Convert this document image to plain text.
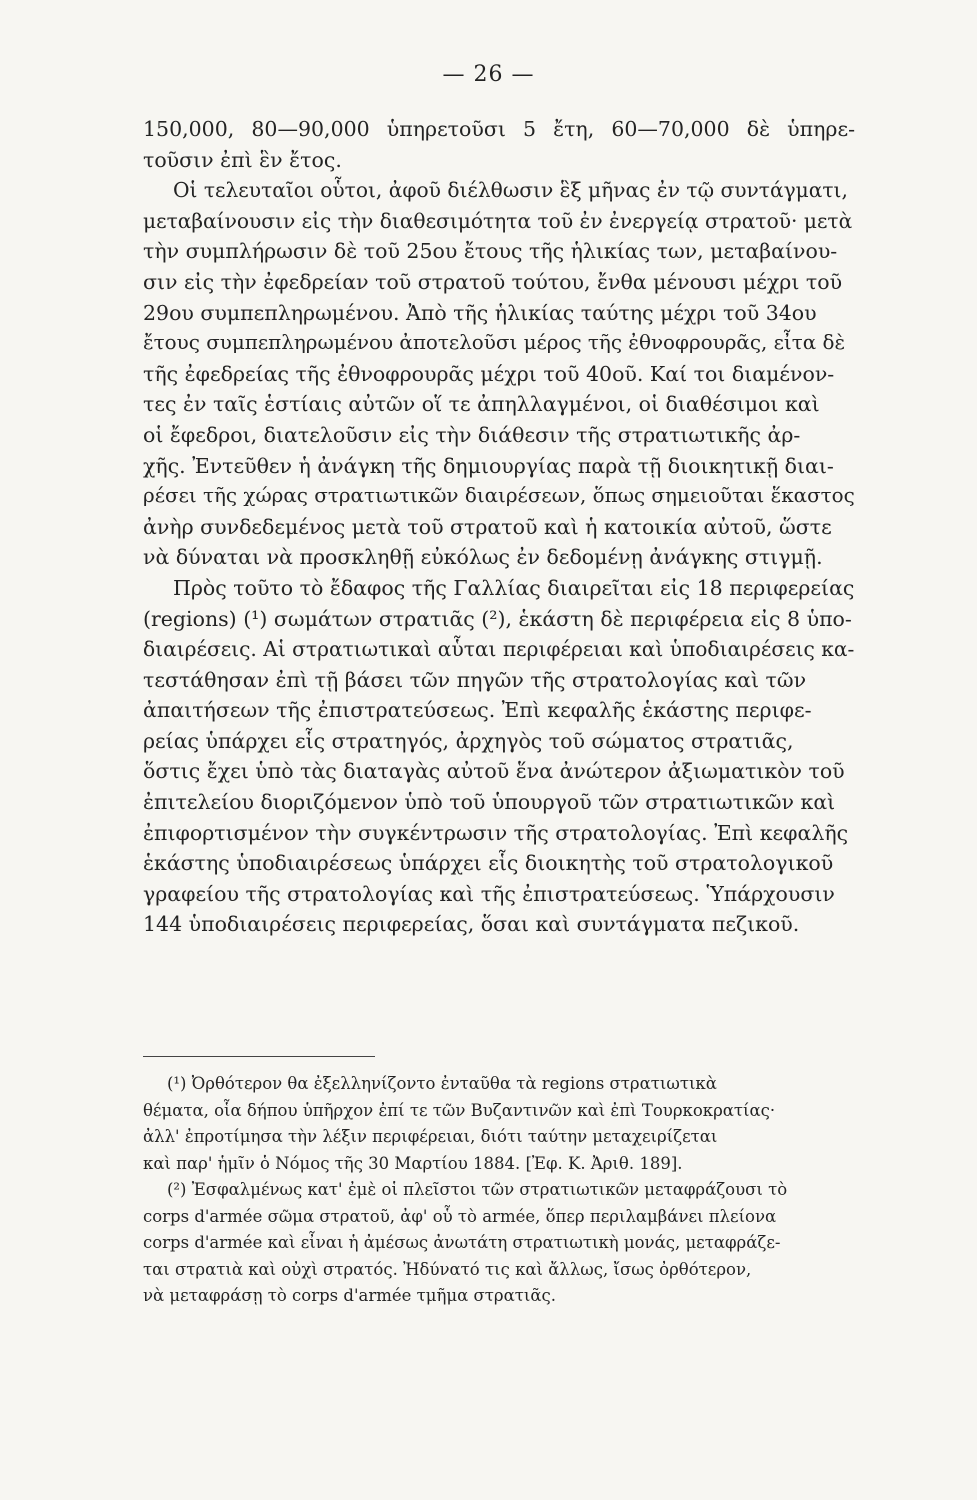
— 26 —
150,000, 80—90,000 ὑπηρετοῦσι 5 ἔτη, 60—70,000 δὲ ὑπηρε-
τοῦσιν ἐπὶ ἓν ἔτος.
Οἱ τελευταῖοι οὗτοι, ἀφοῦ διέλθωσιν ἓξ μῆνας ἐν τῷ συντάγματι,
μεταβαίνουσιν εἰς τὴν διαθεσιμότητα τοῦ ἐν ἐνεργείᾳ στρατοῦ· μετὰ
τὴν συμπλήρωσιν δὲ τοῦ 25ου ἔτους τῆς ἡλικίας των, μεταβαίνου-
σιν εἰς τὴν ἐφεδρείαν τοῦ στρατοῦ τούτου, ἔνθα μένουσι μέχρι τοῦ
29ου συμπεπληρωμένου. Ἀπὸ τῆς ἡλικίας ταύτης μέχρι τοῦ 34ου
ἔτους συμπεπληρωμένου ἀποτελοῦσι μέρος τῆς ἐθνοφρουρᾶς, εἶτα δὲ
τῆς ἐφεδρείας τῆς ἐθνοφρουρᾶς μέχρι τοῦ 40οῦ. Καί τοι διαμένον-
τες ἐν ταῖς ἑστίαις αὐτῶν οἵ τε ἀπηλλαγμένοι, οἱ διαθέσιμοι καὶ
οἱ ἔφεδροι, διατελοῦσιν εἰς τὴν διάθεσιν τῆς στρατιωτικῆς ἀρ-
χῆς. Ἐντεῦθεν ἡ ἀνάγκη τῆς δημιουργίας παρὰ τῇ διοικητικῇ διαι-
ρέσει τῆς χώρας στρατιωτικῶν διαιρέσεων, ὅπως σημειοῦται ἕκαστος
ἀνὴρ συνδεδεμένος μετὰ τοῦ στρατοῦ καὶ ἡ κατοικία αὐτοῦ, ὥστε
νὰ δύναται νὰ προσκληθῇ εὐκόλως ἐν δεδομένῃ ἀνάγκης στιγμῇ.
Πρὸς τοῦτο τὸ ἔδαφος τῆς Γαλλίας διαιρεῖται εἰς 18 περιφερείας
(regions) (¹) σωμάτων στρατιᾶς (²), ἑκάστη δὲ περιφέρεια εἰς 8 ὑπο-
διαιρέσεις. Αἱ στρατιωτικαὶ αὗται περιφέρειαι καὶ ὑποδιαιρέσεις κα-
τεστάθησαν ἐπὶ τῇ βάσει τῶν πηγῶν τῆς στρατολογίας καὶ τῶν
ἀπαιτήσεων τῆς ἐπιστρατεύσεως. Ἐπὶ κεφαλῆς ἑκάστης περιφε-
ρείας ὑπάρχει εἷς στρατηγός, ἀρχηγὸς τοῦ σώματος στρατιᾶς,
ὅστις ἔχει ὑπὸ τὰς διαταγὰς αὐτοῦ ἕνα ἀνώτερον ἀξιωματικὸν τοῦ
ἐπιτελείου διοριζόμενον ὑπὸ τοῦ ὑπουργοῦ τῶν στρατιωτικῶν καὶ
ἐπιφορτισμένον τὴν συγκέντρωσιν τῆς στρατολογίας. Ἐπὶ κεφαλῆς
ἑκάστης ὑποδιαιρέσεως ὑπάρχει εἷς διοικητὴς τοῦ στρατολογικοῦ
γραφείου τῆς στρατολογίας καὶ τῆς ἐπιστρατεύσεως. Ὑπάρχουσιν
144 ὑποδιαιρέσεις περιφερείας, ὅσαι καὶ συντάγματα πεζικοῦ.
(¹) Ὀρθότερον θα ἐξελληνίζοντο ἐνταῦθα τὰ regions στρατιωτικὰ
θέματα, οἷα δήπου ὑπῆρχον ἐπί τε τῶν Βυζαντινῶν καὶ ἐπὶ Τουρκοκρατίας·
ἀλλ' ἐπροτίμησα τὴν λέξιν περιφέρειαι, διότι ταύτην μεταχειρίζεται
καὶ παρ' ἡμῖν ὁ Νόμος τῆς 30 Μαρτίου 1884. [Ἐφ. Κ. Ἀριθ. 189].
(²) Ἐσφαλμένως κατ' ἐμὲ οἱ πλεῖστοι τῶν στρατιωτικῶν μεταφράζουσι τὸ
corps d'armée σῶμα στρατοῦ, ἀφ' οὗ τὸ armée, ὅπερ περιλαμβάνει πλείονα
corps d'armée καὶ εἶναι ἡ ἀμέσως ἀνωτάτη στρατιωτικὴ μονάς, μεταφράζε-
ται στρατιὰ καὶ οὐχὶ στρατός. Ἠδύνατό τις καὶ ἄλλως, ἴσως ὀρθότερον,
νὰ μεταφράσῃ τὸ corps d'armée τμῆμα στρατιᾶς.
